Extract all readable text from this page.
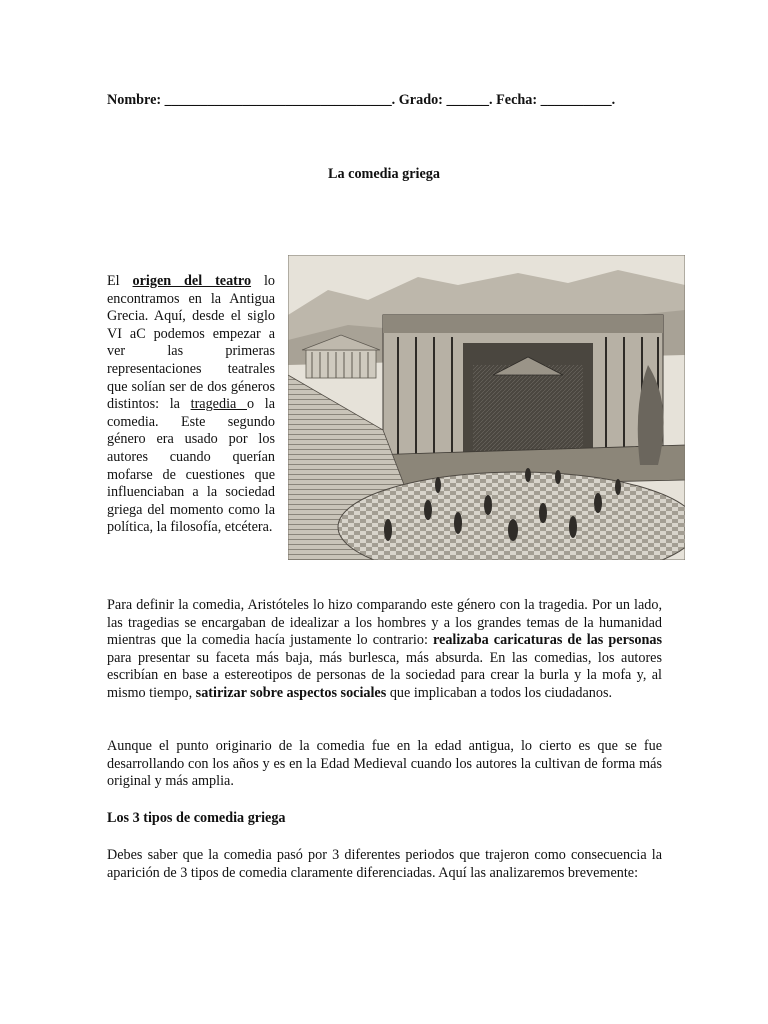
Nombre: ________________________________. Grado: ______. Fecha: __________.
La comedia griega
El origen del teatro lo encontramos en la Antigua Grecia. Aquí, desde el siglo VI aC podemos empezar a ver las primeras representaciones teatrales que solían ser de dos géneros distintos: la tragedia o la comedia. Este segundo género era usado por los autores cuando querían mofarse de cuestiones que influenciaban a la sociedad griega del momento como la política, la filosofía, etcétera.
Para definir la comedia, Aristóteles lo hizo comparando este género con la tragedia. Por un lado, las tragedias se encargaban de idealizar a los hombres y a los grandes temas de la humanidad mientras que la comedia hacía justamente lo contrario: realizaba caricaturas de las personas para presentar su faceta más baja, más burlesca, más absurda. En las comedias, los autores escribían en base a estereotipos de personas de la sociedad para crear la burla y la mofa y, al mismo tiempo, satirizar sobre aspectos sociales que implicaban a todos los ciudadanos.
Aunque el punto originario de la comedia fue en la edad antigua, lo cierto es que se fue desarrollando con los años y es en la Edad Medieval cuando los autores la cultivan de forma más original y más amplia.
Los 3 tipos de comedia griega
Debes saber que la comedia pasó por 3 diferentes periodos que trajeron como consecuencia la aparición de 3 tipos de comedia claramente diferenciadas. Aquí las analizaremos brevemente:
